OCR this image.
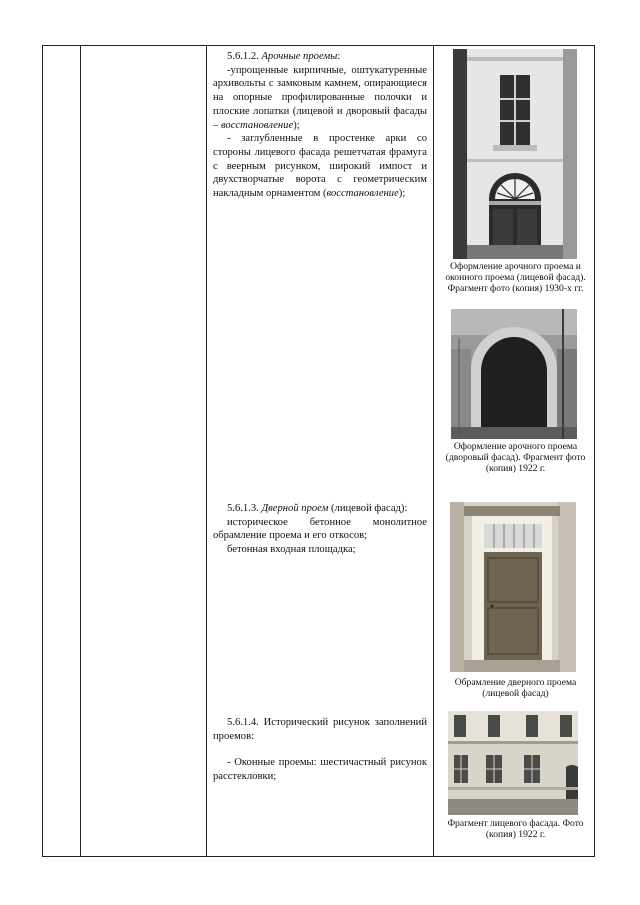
5.6.1.2. Арочные проемы:

-упрощенные кирпичные, оштукатуренные архивольты с замковым камнем, опирающиеся на опорные профилированные полочки и плоские лопатки (лицевой и дворовый фасады – восстановление);

- заглубленные в простенке арки со стороны лицевого фасада решетчатая фрамуга с веерным рисунком, широкий импост и двухстворчатые ворота с геометрическим накладным орнаментом (восстановление);

5.6.1.3. Дверной проем (лицевой фасад):

историческое бетонное монолитное обрамление проема и его откосов;

бетонная входная площадка;

5.6.1.4. Исторический рисунок заполнений проемов:

- Оконные проемы: шестичастный рисунок расстекловки;

Оформление арочного проема и оконного проема (лицевой фасад). Фрагмент фото (копия) 1930-х гг.
Оформление арочного проема (дворовый фасад). Фрагмент фото (копия) 1922 г.
Обрамление дверного проема (лицевой фасад)
Фрагмент лицевого фасада. Фото (копия) 1922 г.
